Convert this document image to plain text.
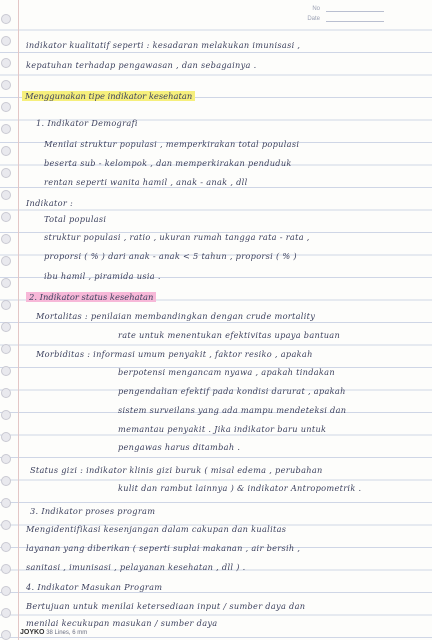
No
Date
indikator kualitatif seperti : kesadaran melakukan imunisasi ,
kepatuhan terhadap pengawasan , dan sebagainya .
1. Indikator Demografi
Menilai struktur populasi , memperkirakan total populasi
beserta sub - kelompok , dan memperkirakan penduduk
rentan seperti wanita hamil , anak - anak , dll
Indikator :
Total populasi
struktur populasi , ratio , ukuran rumah tangga rata - rata ,
proporsi ( % ) dari anak - anak < 5 tahun , proporsi ( % )
ibu hamil , piramida usia .
Mortalitas : penilaian membandingkan dengan crude mortality
rate untuk menentukan efektivitas upaya bantuan
Morbiditas : informasi umum penyakit , faktor resiko , apakah
berpotensi mengancam nyawa , apakah tindakan
pengendalian efektif pada kondisi darurat , apakah
sistem surveilans yang ada mampu mendeteksi dan
memantau penyakit . Jika indikator baru untuk
pengawas harus ditambah .
Status gizi : indikator klinis gizi buruk ( misal edema , perubahan
kulit dan rambut lainnya ) & indikator Antropometrik .
3. Indikator proses program
Mengidentifikasi kesenjangan dalam cakupan dan kualitas
layanan yang diberikan ( seperti suplai makanan , air bersih ,
sanitasi , imunisasi , pelayanan kesehatan , dll ) .
4. Indikator Masukan Program
Bertujuan untuk menilai ketersediaan input / sumber daya dan
menilai kecukupan masukan / sumber daya
Menggunakan tipe indikator kesehatan
2. Indikator status kesehatan
JOYKO 38 Lines, 6 mm
